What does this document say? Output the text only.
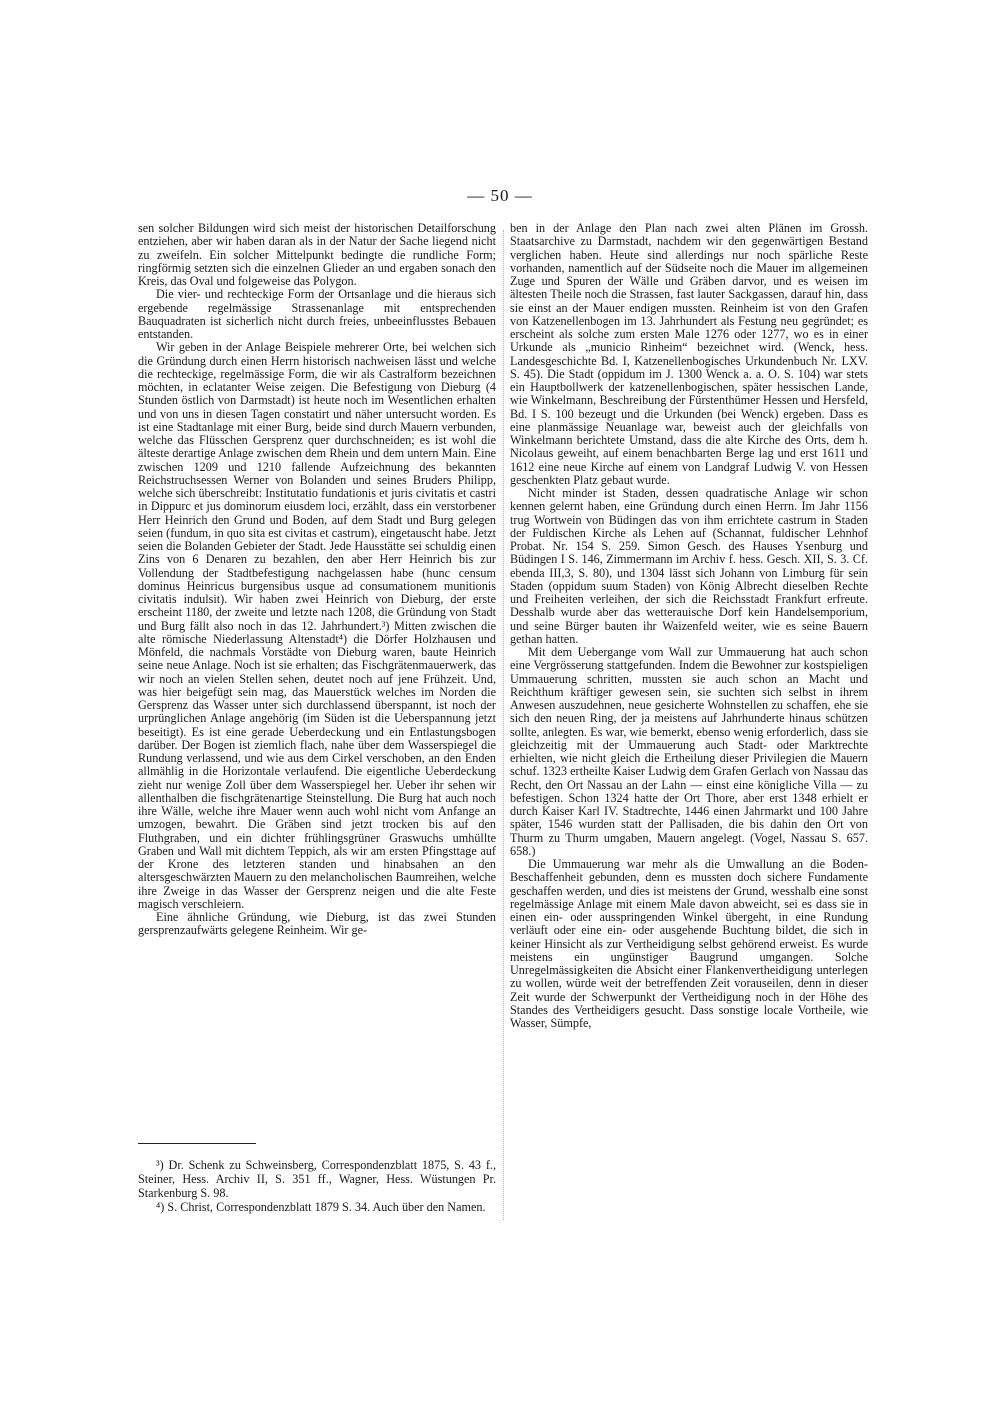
— 50 —

sen solcher Bildungen wird sich meist der historischen Detailforschung entziehen, aber wir haben daran als in der Natur der Sache liegend nicht zu zweifeln. Ein solcher Mittelpunkt bedingte die rundliche Form; ringförmig setzten sich die einzelnen Glieder an und ergaben sonach den Kreis, das Oval und folgeweise das Polygon.

Die vier- und rechteckige Form der Ortsanlage und die hieraus sich ergebende regelmässige Strassenanlage mit entsprechenden Bauquadraten ist sicherlich nicht durch freies, unbeeinflusstes Bebauen entstanden.

Wir geben in der Anlage Beispiele mehrerer Orte, bei welchen sich die Gründung durch einen Herrn historisch nachweisen lässt und welche die rechteckige, regelmässige Form, die wir als Castralform bezeichnen möchten, in eclatanter Weise zeigen. Die Befestigung von Dieburg (4 Stunden östlich von Darmstadt) ist heute noch im Wesentlichen erhalten und von uns in diesen Tagen constatirt und näher untersucht worden. Es ist eine Stadtanlage mit einer Burg, beide sind durch Mauern verbunden, welche das Flüsschen Gersprenz quer durchschneiden; es ist wohl die älteste derartige Anlage zwischen dem Rhein und dem untern Main. Eine zwischen 1209 und 1210 fallende Aufzeichnung des bekannten Reichstruchsessen Werner von Bolanden und seines Bruders Philipp, welche sich überschreibt: Institutatio fundationis et juris civitatis et castri in Dippurc et jus dominorum eiusdem loci, erzählt, dass ein verstorbener Herr Heinrich den Grund und Boden, auf dem Stadt und Burg gelegen seien (fundum, in quo sita est civitas et castrum), eingetauscht habe. Jetzt seien die Bolanden Gebieter der Stadt. Jede Hausstätte sei schuldig einen Zins von 6 Denaren zu bezahlen, den aber Herr Heinrich bis zur Vollendung der Stadtbefestigung nachgelassen habe (hunc censum dominus Heinricus burgensibus usque ad consumationem munitionis civitatis indulsit). Wir haben zwei Heinrich von Dieburg, der erste erscheint 1180, der zweite und letzte nach 1208, die Gründung von Stadt und Burg fällt also noch in das 12. Jahrhundert.³) Mitten zwischen die alte römische Niederlassung Altenstadt⁴) die Dörfer Holzhausen und Mönfeld, die nachmals Vorstädte von Dieburg waren, baute Heinrich seine neue Anlage. Noch ist sie erhalten; das Fischgrätenmauerwerk, das wir noch an vielen Stellen sehen, deutet noch auf jene Frühzeit. Und, was hier beigefügt sein mag, das Mauerstück welches im Norden die Gersprenz das Wasser unter sich durchlassend überspannt, ist noch der urprünglichen Anlage angehörig (im Süden ist die Ueberspannung jetzt beseitigt). Es ist eine gerade Ueberdeckung und ein Entlastungsbogen darüber. Der Bogen ist ziemlich flach, nahe über dem Wasserspiegel die Rundung verlassend, und wie aus dem Cirkel verschoben, an den Enden allmählig in die Horizontale verlaufend. Die eigentliche Ueberdeckung zieht nur wenige Zoll über dem Wasserspiegel her. Ueber ihr sehen wir allenthalben die fischgrätenartige Steinstellung. Die Burg hat auch noch ihre Wälle, welche ihre Mauer wenn auch wohl nicht vom Anfange an umzogen, bewahrt. Die Gräben sind jetzt trocken bis auf den Fluthgraben, und ein dichter frühlingsgrüner Graswuchs umhüllte Graben und Wall mit dichtem Teppich, als wir am ersten Pfingsttage auf der Krone des letzteren standen und hinabsahen an den altersgeschwärzten Mauern zu den melancholischen Baumreihen, welche ihre Zweige in das Wasser der Gersprenz neigen und die alte Feste magisch verschleiern.

Eine ähnliche Gründung, wie Dieburg, ist das zwei Stunden gersprenzaufwärts gelegene Reinheim. Wir ge-

³) Dr. Schenk zu Schweinsberg, Correspondenzblatt 1875, S. 43 f., Steiner, Hess. Archiv II, S. 351 ff., Wagner, Hess. Wüstungen Pr. Starkenburg S. 98.

⁴) S. Christ, Correspondenzblatt 1879 S. 34. Auch über den Namen.

ben in der Anlage den Plan nach zwei alten Plänen im Grossh. Staatsarchive zu Darmstadt, nachdem wir den gegenwärtigen Bestand verglichen haben. Heute sind allerdings nur noch spärliche Reste vorhanden, namentlich auf der Südseite noch die Mauer im allgemeinen Zuge und Spuren der Wälle und Gräben darvor, und es weisen im ältesten Theile noch die Strassen, fast lauter Sackgassen, darauf hin, dass sie einst an der Mauer endigen mussten. Reinheim ist von den Grafen von Katzenellenbogen im 13. Jahrhundert als Festung neu gegründet; es erscheint als solche zum ersten Male 1276 oder 1277, wo es in einer Urkunde als „municio Rinheim“ bezeichnet wird. (Wenck, hess. Landesgeschichte Bd. I, Katzenellenbogisches Urkundenbuch Nr. LXV. S. 45). Die Stadt (oppidum im J. 1300 Wenck a. a. O. S. 104) war stets ein Hauptbollwerk der katzenellenbogischen, später hessischen Lande, wie Winkelmann, Beschreibung der Fürstenthümer Hessen und Hersfeld, Bd. I S. 100 bezeugt und die Urkunden (bei Wenck) ergeben. Dass es eine planmässige Neuanlage war, beweist auch der gleichfalls von Winkelmann berichtete Umstand, dass die alte Kirche des Orts, dem h. Nicolaus geweiht, auf einem benachbarten Berge lag und erst 1611 und 1612 eine neue Kirche auf einem von Landgraf Ludwig V. von Hessen geschenkten Platz gebaut wurde.

Nicht minder ist Staden, dessen quadratische Anlage wir schon kennen gelernt haben, eine Gründung durch einen Herrn. Im Jahr 1156 trug Wortwein von Büdingen das von ihm errichtete castrum in Staden der Fuldischen Kirche als Lehen auf (Schannat, fuldischer Lehnhof Probat. Nr. 154 S. 259. Simon Gesch. des Hauses Ysenburg und Büdingen I S. 146, Zimmermann im Archiv f. hess. Gesch. XII, S. 3. Cf. ebenda III,3, S. 80), und 1304 lässt sich Johann von Limburg für sein Staden (oppidum suum Staden) von König Albrecht dieselben Rechte und Freiheiten verleihen, der sich die Reichsstadt Frankfurt erfreute. Desshalb wurde aber das wetterauische Dorf kein Handelsemporium, und seine Bürger bauten ihr Waizenfeld weiter, wie es seine Bauern gethan hatten.

Mit dem Uebergange vom Wall zur Ummauerung hat auch schon eine Vergrösserung stattgefunden. Indem die Bewohner zur kostspieligen Ummauerung schritten, mussten sie auch schon an Macht und Reichthum kräftiger gewesen sein, sie suchten sich selbst in ihrem Anwesen auszudehnen, neue gesicherte Wohnstellen zu schaffen, ehe sie sich den neuen Ring, der ja meistens auf Jahrhunderte hinaus schützen sollte, anlegten. Es war, wie bemerkt, ebenso wenig erforderlich, dass sie gleichzeitig mit der Ummauerung auch Stadt- oder Marktrechte erhielten, wie nicht gleich die Ertheilung dieser Privilegien die Mauern schuf. 1323 ertheilte Kaiser Ludwig dem Grafen Gerlach von Nassau das Recht, den Ort Nassau an der Lahn — einst eine königliche Villa — zu befestigen. Schon 1324 hatte der Ort Thore, aber erst 1348 erhielt er durch Kaiser Karl IV. Stadtrechte, 1446 einen Jahrmarkt und 100 Jahre später, 1546 wurden statt der Pallisaden, die bis dahin den Ort von Thurm zu Thurm umgaben, Mauern angelegt. (Vogel, Nassau S. 657. 658.)

Die Ummauerung war mehr als die Umwallung an die Boden-Beschaffenheit gebunden, denn es mussten doch sichere Fundamente geschaffen werden, und dies ist meistens der Grund, wesshalb eine sonst regelmässige Anlage mit einem Male davon abweicht, sei es dass sie in einen ein- oder ausspringenden Winkel übergeht, in eine Rundung verläuft oder eine ein- oder ausgehende Buchtung bildet, die sich in keiner Hinsicht als zur Vertheidigung selbst gehörend erweist. Es wurde meistens ein ungünstiger Baugrund umgangen. Solche Unregelmässigkeiten die Absicht einer Flankenvertheidigung unterlegen zu wollen, würde weit der betreffenden Zeit vorauseilen, denn in dieser Zeit wurde der Schwerpunkt der Vertheidigung noch in der Höhe des Standes des Vertheidigers gesucht. Dass sonstige locale Vortheile, wie Wasser, Sümpfe,
